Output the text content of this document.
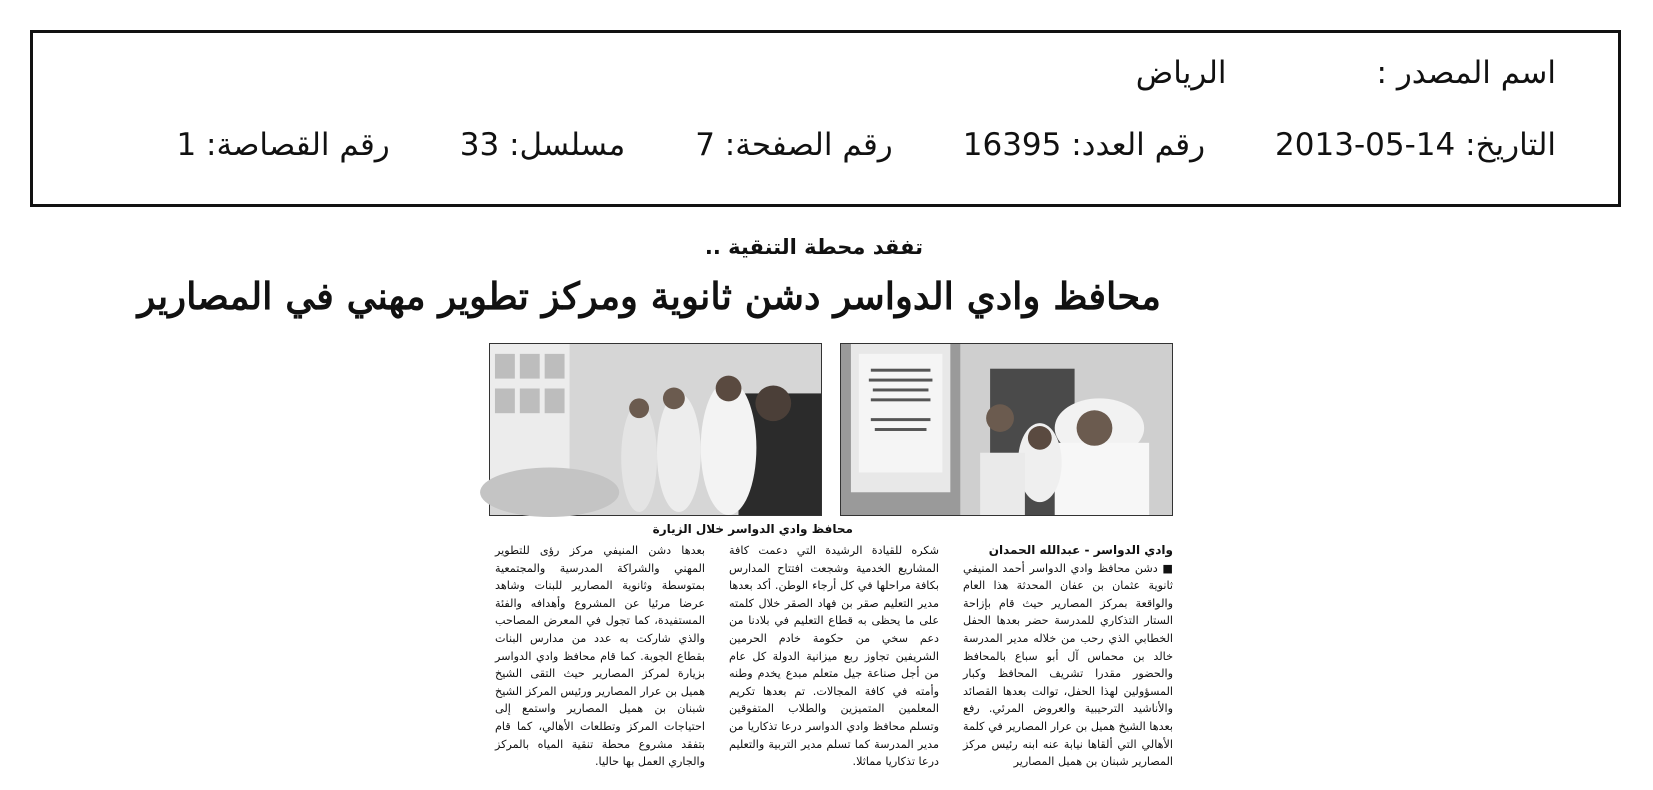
اسم المصدر :الرياض
التاريخ: 14-05-2013رقم العدد: 16395رقم الصفحة: 7مسلسل: 33رقم القصاصة: 1
تفقد محطة التنقية ..
محافظ وادي الدواسر دشن ثانوية ومركز تطوير مهني في المصارير
محافظ وادي الدواسر خلال الزيارة

وادي الدواسر - عبدالله الحمدان

■ دشن محافظ وادي الدواسر أحمد المنيفي ثانوية عثمان بن عفان المحدثة هذا العام والواقعة بمركز المصارير حيث قام بإزاحة الستار التذكاري للمدرسة حضر بعدها الحفل الخطابي الذي رحب من خلاله مدير المدرسة خالد بن محماس آل أبو سباع بالمحافظ والحضور مقدرا تشريف المحافظ وكبار المسؤولين لهذا الحفل، توالت بعدها القصائد والأناشيد الترحيبية والعروض المرئي. رفع بعدها الشيخ هميل بن عرار المصارير في كلمة الأهالي التي ألقاها نيابة عنه ابنه رئيس مركز المصارير شبنان بن هميل المصارير

شكره للقيادة الرشيدة التي دعمت كافة المشاريع الخدمية وشجعت افتتاح المدارس بكافة مراحلها في كل أرجاء الوطن. أكد بعدها مدير التعليم صقر بن فهاد الصقر خلال كلمته على ما يحظى به قطاع التعليم في بلادنا من دعم سخي من حكومة خادم الحرمين الشريفين تجاوز ربع ميزانية الدولة كل عام من أجل صناعة جيل متعلم مبدع يخدم وطنه وأمته في كافة المجالات. تم بعدها تكريم المعلمين المتميزين والطلاب المتفوقين وتسلم محافظ وادي الدواسر درعا تذكاريا من مدير المدرسة كما تسلم مدير التربية والتعليم درعا تذكاريا مماثلا.

بعدها دشن المنيفي مركز رؤى للتطوير المهني والشراكة المدرسية والمجتمعية بمتوسطة وثانوية المصارير للبنات وشاهد عرضا مرئيا عن المشروع وأهدافه والفئة المستفيدة، كما تجول في المعرض المصاحب والذي شاركت به عدد من مدارس البنات بقطاع الجوبة. كما قام محافظ وادي الدواسر بزيارة لمركز المصارير حيث التقى الشيخ هميل بن عرار المصارير ورئيس المركز الشيخ شبنان بن هميل المصارير واستمع إلى احتياجات المركز وتطلعات الأهالي، كما قام بتفقد مشروع محطة تنقية المياه بالمركز والجاري العمل بها حاليا.
